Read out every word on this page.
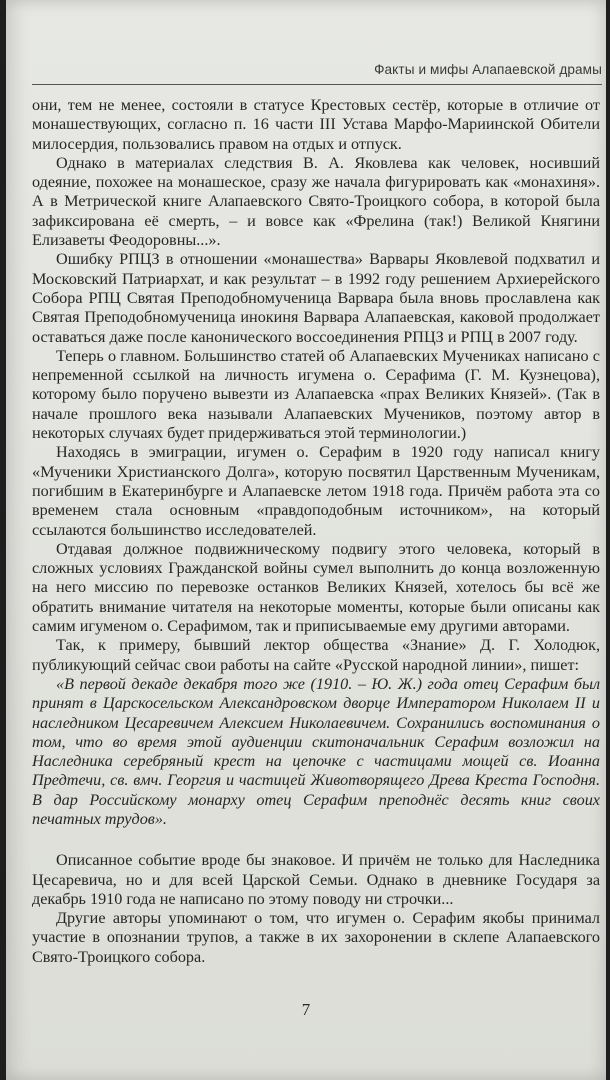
Факты и мифы Алапаевской драмы

они, тем не менее, состояли в статусе Крестовых сестёр, которые в отличие от монашествующих, согласно п. 16 части III Устава Марфо-Мариинской Обители милосердия, пользовались правом на отдых и отпуск.

Однако в материалах следствия В. А. Яковлева как человек, носивший одеяние, похожее на монашеское, сразу же начала фигурировать как «монахиня». А в Метрической книге Алапаевского Свято-Троицкого собора, в которой была зафиксирована её смерть, – и вовсе как «Фрелина (так!) Великой Княгини Елизаветы Феодоровны...».

Ошибку РПЦЗ в отношении «монашества» Варвары Яковлевой подхватил и Московский Патриархат, и как результат – в 1992 году решением Архиерейского Собора РПЦ Святая Преподобномученица Варвара была вновь прославлена как Святая Преподобномученица инокиня Варвара Алапаевская, каковой продолжает оставаться даже после канонического воссоединения РПЦЗ и РПЦ в 2007 году.

Теперь о главном. Большинство статей об Алапаевских Мучениках написано с непременной ссылкой на личность игумена о. Серафима (Г. М. Кузнецова), которому было поручено вывезти из Алапаевска «прах Великих Князей». (Так в начале прошлого века называли Алапаевских Мучеников, поэтому автор в некоторых случаях будет придерживаться этой терминологии.)

Находясь в эмиграции, игумен о. Серафим в 1920 году написал книгу «Мученики Христианского Долга», которую посвятил Царственным Мученикам, погибшим в Екатеринбурге и Алапаевске летом 1918 года. Причём работа эта со временем стала основным «правдоподобным источником», на который ссылаются большинство исследователей.

Отдавая должное подвижническому подвигу этого человека, который в сложных условиях Гражданской войны сумел выполнить до конца возложенную на него миссию по перевозке останков Великих Князей, хотелось бы всё же обратить внимание читателя на некоторые моменты, которые были описаны как самим игуменом о. Серафимом, так и приписываемые ему другими авторами.

Так, к примеру, бывший лектор общества «Знание» Д. Г. Холодюк, публикующий сейчас свои работы на сайте «Русской народной линии», пишет:

«В первой декаде декабря того же (1910. – Ю. Ж.) года отец Серафим был принят в Царскосельском Александровском дворце Императором Николаем II и наследником Цесаревичем Алексием Николаевичем. Сохранились воспоминания о том, что во время этой аудиенции скитоначальник Серафим возложил на Наследника серебряный крест на цепочке с частицами мощей св. Иоанна Предтечи, св. вмч. Георгия и частицей Животворящего Древа Креста Господня. В дар Российскому монарху отец Серафим преподнёс десять книг своих печатных трудов».

Описанное событие вроде бы знаковое. И причём не только для Наследника Цесаревича, но и для всей Царской Семьи. Однако в дневнике Государя за декабрь 1910 года не написано по этому поводу ни строчки...

Другие авторы упоминают о том, что игумен о. Серафим якобы принимал участие в опознании трупов, а также в их захоронении в склепе Алапаевского Свято-Троицкого собора.

7
